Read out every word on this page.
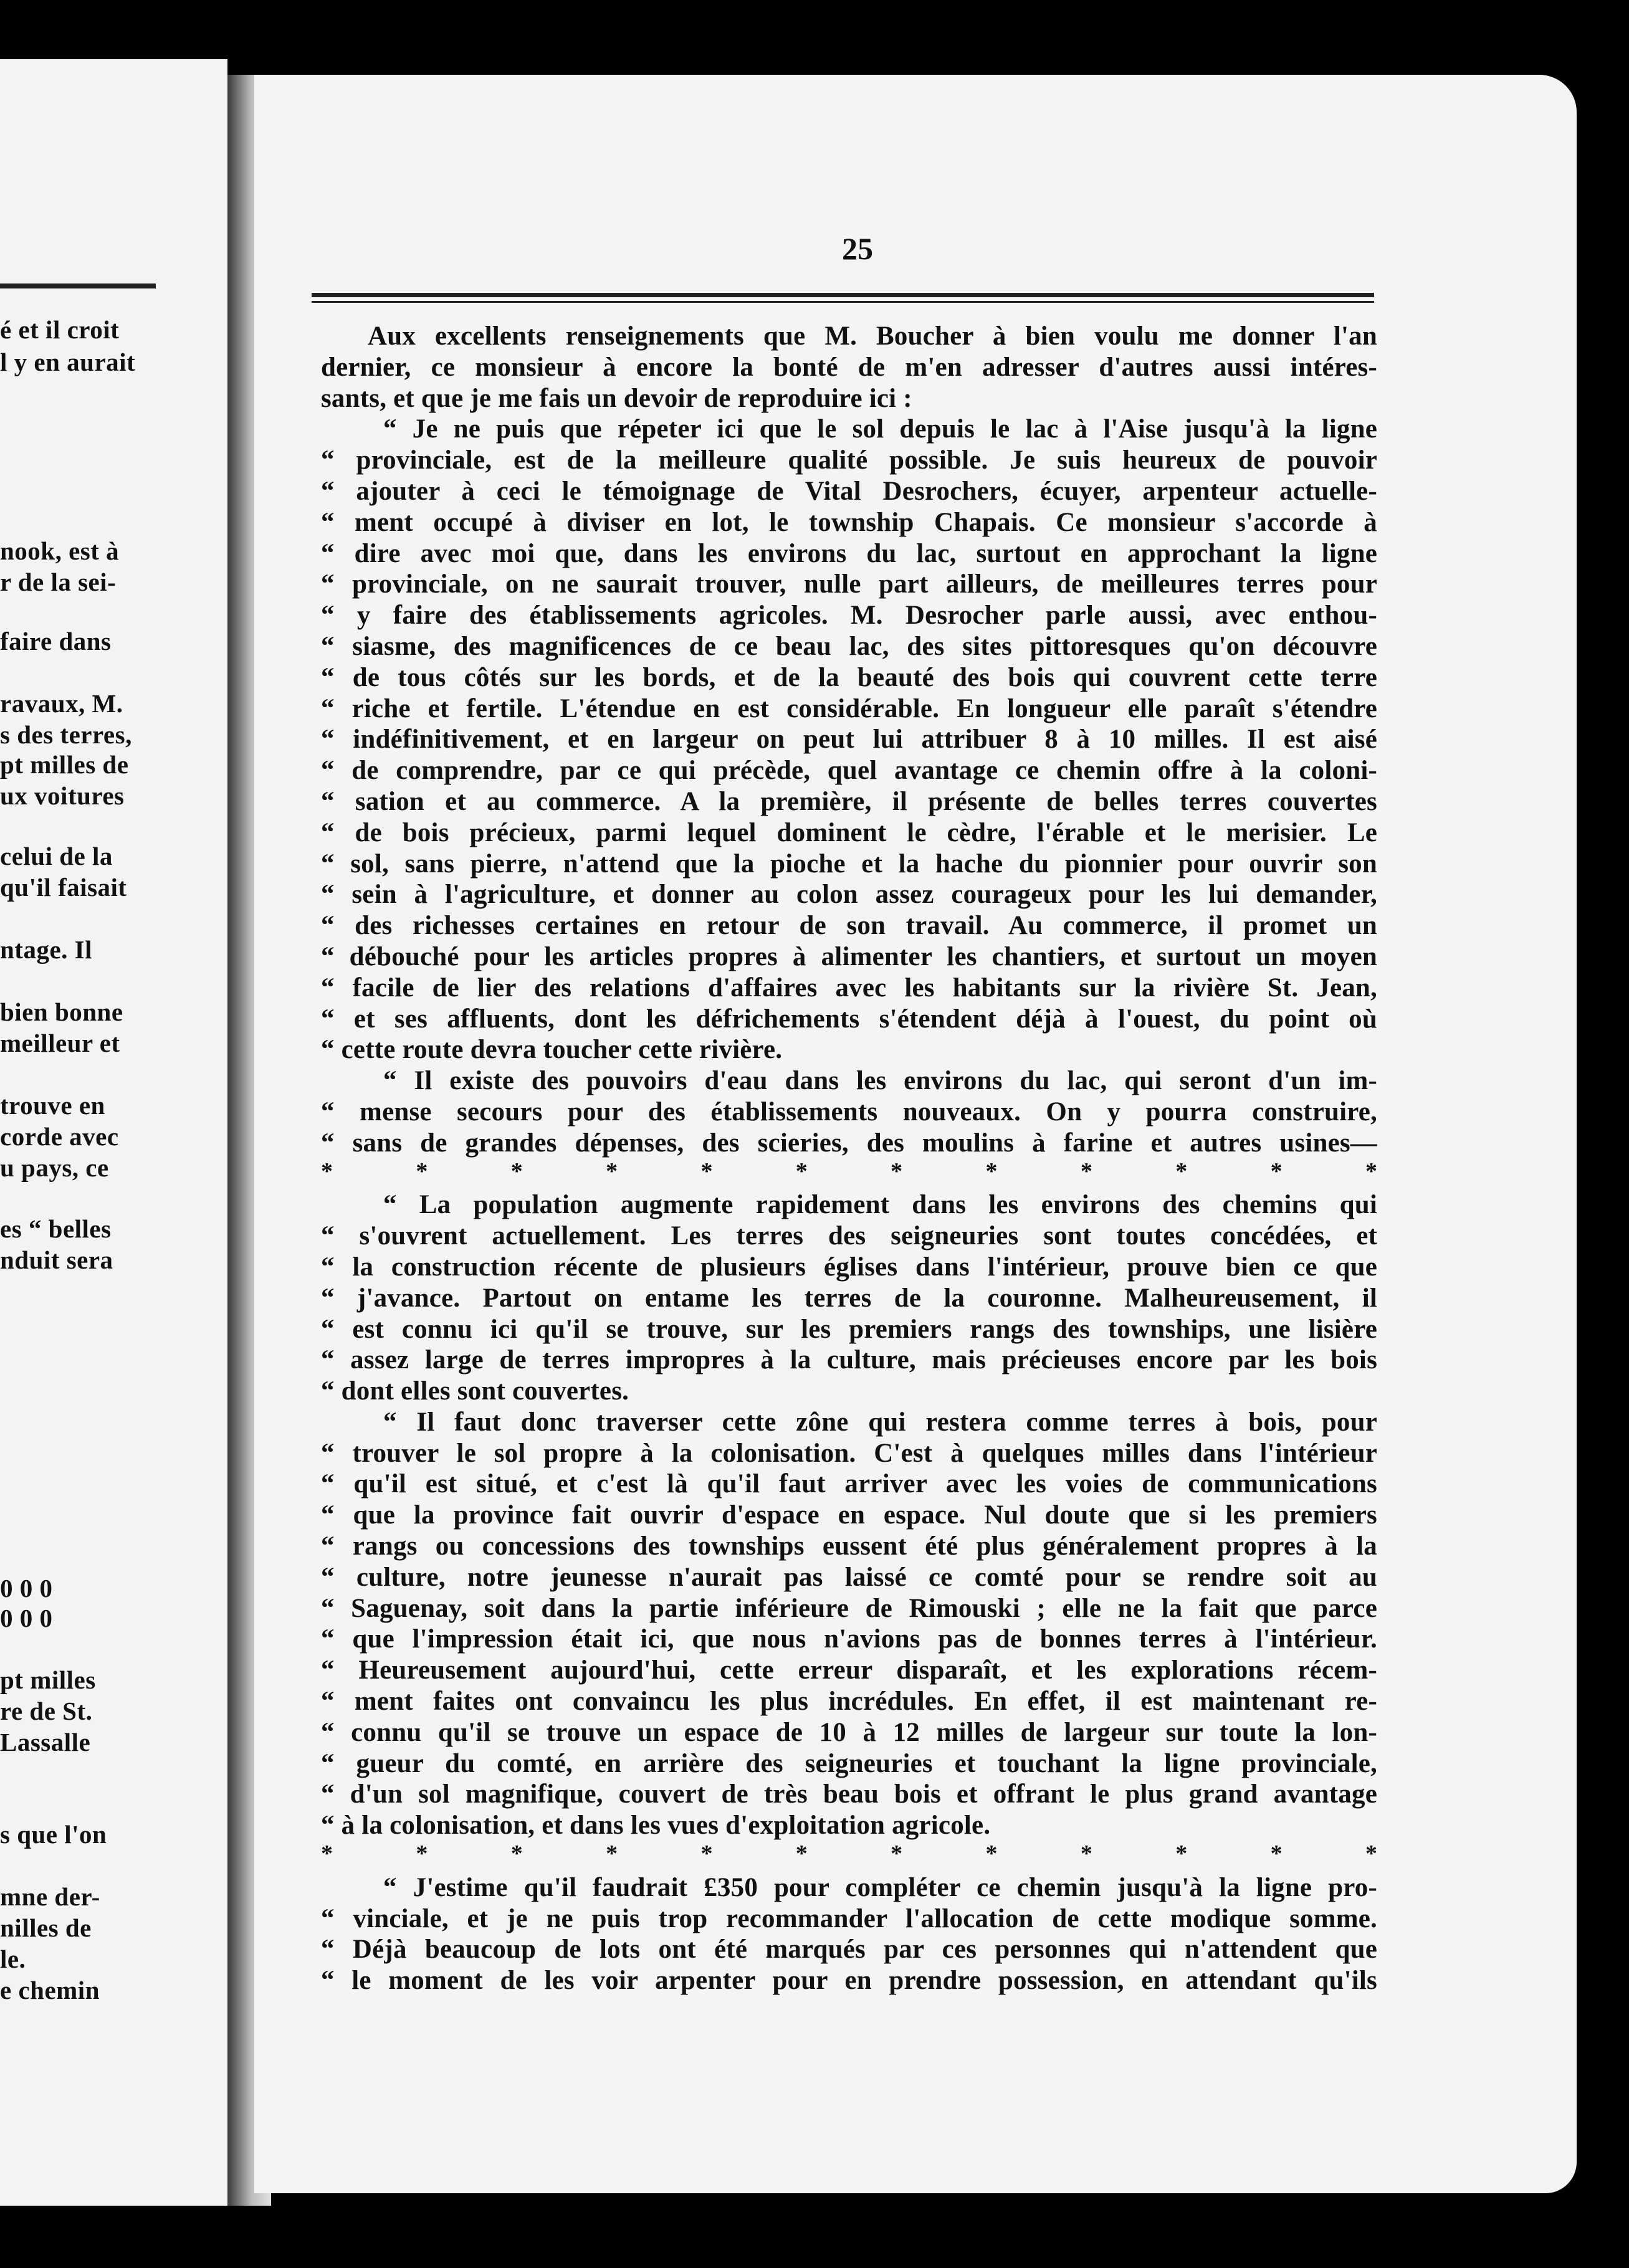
é et il croit
l y en aurait
nook, est à
r de la sei-
faire dans
ravaux, M.
s des terres,
pt milles de
ux voitures
celui de la
qu'il faisait
ntage. Il
bien bonne
meilleur et
trouve en
corde avec
u pays, ce
es “ belles
nduit sera
0 0 0
0 0 0
pt milles
re de St.
Lassalle
s que l'on
mne der-
nilles de
le.
e chemin
25
Aux excellents renseignements que M. Boucher à bien voulu me donner l'an
dernier, ce monsieur à encore la bonté de m'en adresser d'autres aussi intéres-
sants, et que je me fais un devoir de reproduire ici :
“ Je ne puis que répeter ici que le sol depuis le lac à l'Aise jusqu'à la ligne
“ provinciale, est de la meilleure qualité possible. Je suis heureux de pouvoir
“ ajouter à ceci le témoignage de Vital Desrochers, écuyer, arpenteur actuelle-
“ ment occupé à diviser en lot, le township Chapais. Ce monsieur s'accorde à
“ dire avec moi que, dans les environs du lac, surtout en approchant la ligne
“ provinciale, on ne saurait trouver, nulle part ailleurs, de meilleures terres pour
“ y faire des établissements agricoles. M. Desrocher parle aussi, avec enthou-
“ siasme, des magnificences de ce beau lac, des sites pittoresques qu'on découvre
“ de tous côtés sur les bords, et de la beauté des bois qui couvrent cette terre
“ riche et fertile. L'étendue en est considérable. En longueur elle paraît s'étendre
“ indéfinitivement, et en largeur on peut lui attribuer 8 à 10 milles. Il est aisé
“ de comprendre, par ce qui précède, quel avantage ce chemin offre à la coloni-
“ sation et au commerce. A la première, il présente de belles terres couvertes
“ de bois précieux, parmi lequel dominent le cèdre, l'érable et le merisier. Le
“ sol, sans pierre, n'attend que la pioche et la hache du pionnier pour ouvrir son
“ sein à l'agriculture, et donner au colon assez courageux pour les lui demander,
“ des richesses certaines en retour de son travail. Au commerce, il promet un
“ débouché pour les articles propres à alimenter les chantiers, et surtout un moyen
“ facile de lier des relations d'affaires avec les habitants sur la rivière St. Jean,
“ et ses affluents, dont les défrichements s'étendent déjà à l'ouest, du point où
“ cette route devra toucher cette rivière.
“ Il existe des pouvoirs d'eau dans les environs du lac, qui seront d'un im-
“ mense secours pour des établissements nouveaux. On y pourra construire,
“ sans de grandes dépenses, des scieries, des moulins à farine et autres usines—
*	*	*	*	*	*	*	*	*	*	*	*
“ La population augmente rapidement dans les environs des chemins qui
“ s'ouvrent actuellement. Les terres des seigneuries sont toutes concédées, et
“ la construction récente de plusieurs églises dans l'intérieur, prouve bien ce que
“ j'avance. Partout on entame les terres de la couronne. Malheureusement, il
“ est connu ici qu'il se trouve, sur les premiers rangs des townships, une lisière
“ assez large de terres impropres à la culture, mais précieuses encore par les bois
“ dont elles sont couvertes.
“ Il faut donc traverser cette zône qui restera comme terres à bois, pour
“ trouver le sol propre à la colonisation. C'est à quelques milles dans l'intérieur
“ qu'il est situé, et c'est là qu'il faut arriver avec les voies de communications
“ que la province fait ouvrir d'espace en espace. Nul doute que si les premiers
“ rangs ou concessions des townships eussent été plus généralement propres à la
“ culture, notre jeunesse n'aurait pas laissé ce comté pour se rendre soit au
“ Saguenay, soit dans la partie inférieure de Rimouski ; elle ne la fait que parce
“ que l'impression était ici, que nous n'avions pas de bonnes terres à l'intérieur.
“ Heureusement aujourd'hui, cette erreur disparaît, et les explorations récem-
“ ment faites ont convaincu les plus incrédules. En effet, il est maintenant re-
“ connu qu'il se trouve un espace de 10 à 12 milles de largeur sur toute la lon-
“ gueur du comté, en arrière des seigneuries et touchant la ligne provinciale,
“ d'un sol magnifique, couvert de très beau bois et offrant le plus grand avantage
“ à la colonisation, et dans les vues d'exploitation agricole.
*	*	*	*	*	*	*	*	*	*	*	*
“ J'estime qu'il faudrait £350 pour compléter ce chemin jusqu'à la ligne pro-
“ vinciale, et je ne puis trop recommander l'allocation de cette modique somme.
“ Déjà beaucoup de lots ont été marqués par ces personnes qui n'attendent que
“ le moment de les voir arpenter pour en prendre possession, en attendant qu'ils
